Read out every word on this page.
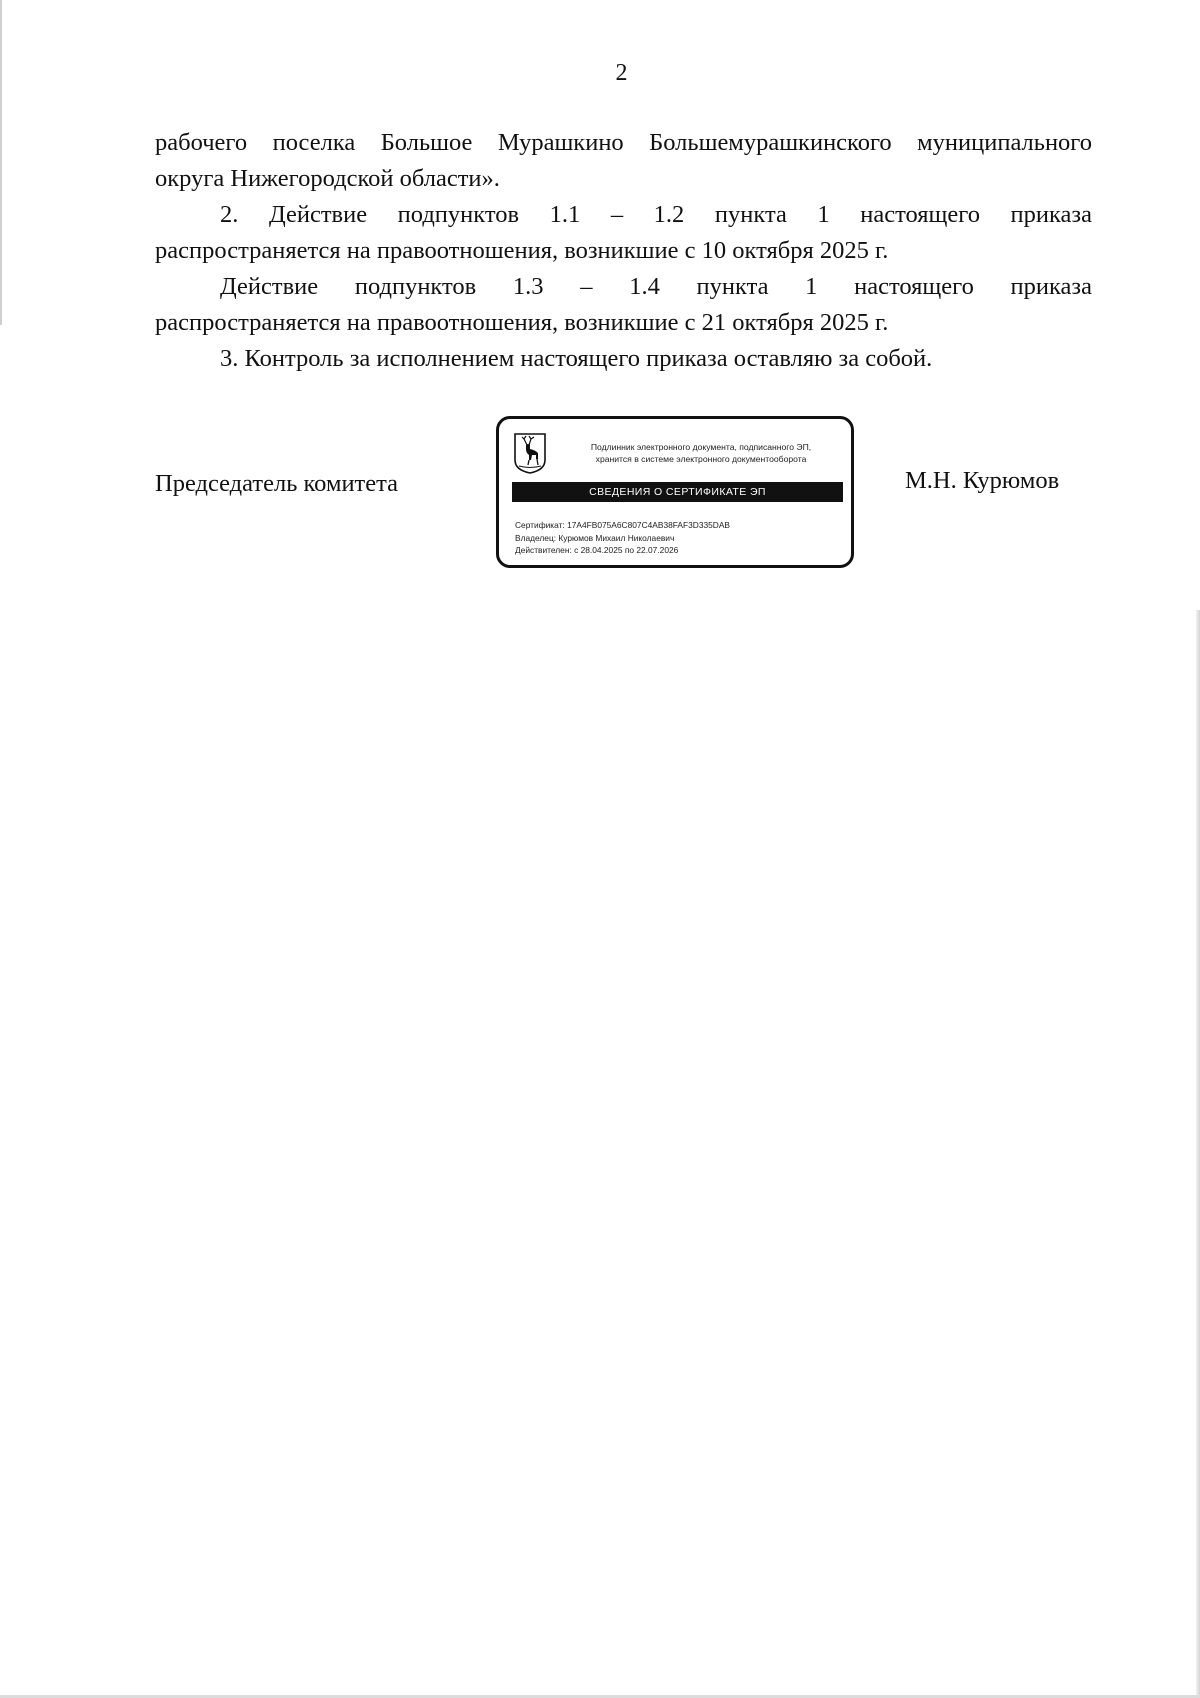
2

рабочего поселка Большое Мурашкино Большемурашкинского муниципального

округа Нижегородской области».

2. Действие подпунктов 1.1 – 1.2 пункта 1 настоящего приказа

распространяется на правоотношения, возникшие с 10 октября 2025 г.

Действие подпунктов 1.3 – 1.4 пункта 1 настоящего приказа

распространяется на правоотношения, возникшие с 21 октября 2025 г.

3. Контроль за исполнением настоящего приказа оставляю за собой.

Председатель комитета	М.Н. Курюмов
Подлинник электронного документа, подписанного ЭП,
хранится в системе электронного документооборота
СВЕДЕНИЯ О СЕРТИФИКАТЕ ЭП
Сертификат: 17A4FB075A6C807C4AB38FAF3D335DAB
Владелец: Курюмов Михаил Николаевич
Действителен: с 28.04.2025 по 22.07.2026
